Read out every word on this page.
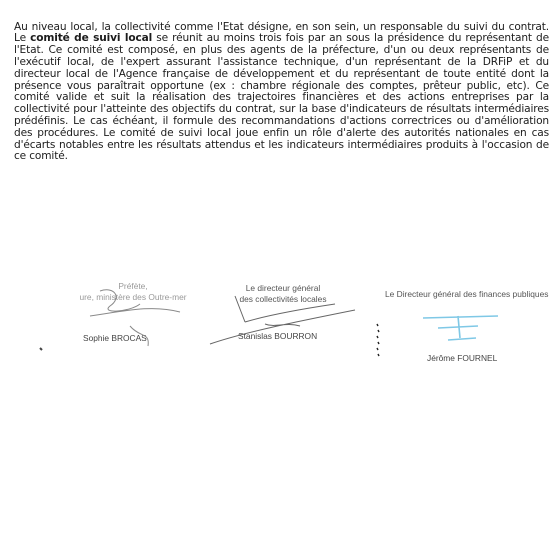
Au niveau local, la collectivité comme l'Etat désigne, en son sein, un responsable du suivi du contrat. Le comité de suivi local se réunit au moins trois fois par an sous la présidence du représentant de l'Etat. Ce comité est composé, en plus des agents de la préfecture, d'un ou deux représentants de l'exécutif local, de l'expert assurant l'assistance technique, d'un représentant de la DRFiP et du directeur local de l'Agence française de développement et du représentant de toute entité dont la présence vous paraîtrait opportune (ex : chambre régionale des comptes, prêteur public, etc). Ce comité valide et suit la réalisation des trajectoires financières et des actions entreprises par la collectivité pour l'atteinte des objectifs du contrat, sur la base d'indicateurs de résultats intermédiaires prédéfinis. Le cas échéant, il formule des recommandations d'actions correctrices ou d'amélioration des procédures. Le comité de suivi local joue enfin un rôle d'alerte des autorités nationales en cas d'écarts notables entre les résultats attendus et les indicateurs intermédiaires produits à l'occasion de ce comité.

Préfète,
ure, ministère des Outre-mer
Sophie BROCAS
Le directeur général
des collectivités locales
Stanislas BOURRON
Le Directeur général des finances publiques
Jérôme FOURNEL
